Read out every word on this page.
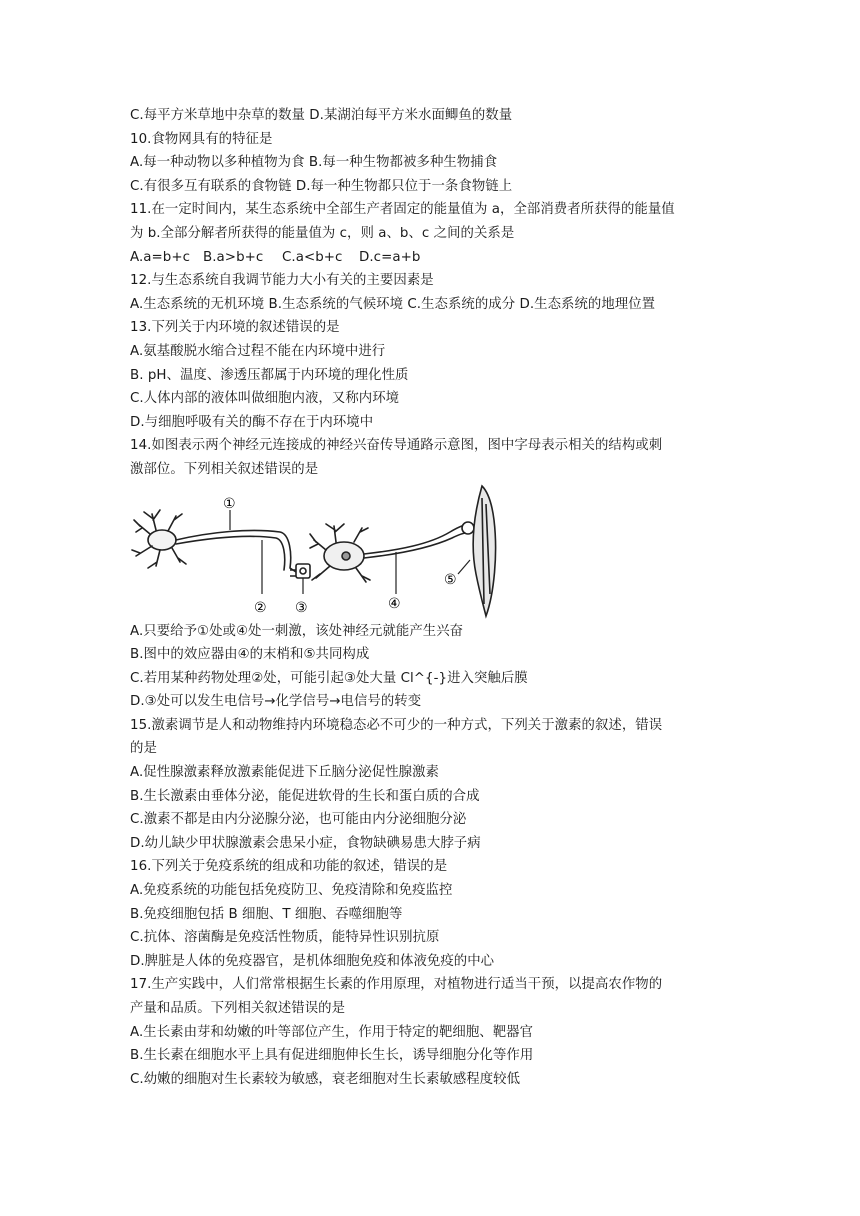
C.每平方米草地中杂草的数量 D.某湖泊每平方米水面鲫鱼的数量
10.食物网具有的特征是
A.每一种动物以多种植物为食 B.每一种生物都被多种生物捕食
C.有很多互有联系的食物链 D.每一种生物都只位于一条食物链上
11.在一定时间内，某生态系统中全部生产者固定的能量值为 a，全部消费者所获得的能量值
为 b.全部分解者所获得的能量值为 c，则 a、b、c 之间的关系是
A.a=b+c B.a>b+c C.a<b+c D.c=a+b
12.与生态系统自我调节能力大小有关的主要因素是
A.生态系统的无机环境 B.生态系统的气候环境 C.生态系统的成分 D.生态系统的地理位置
13.下列关于内环境的叙述错误的是
A.氨基酸脱水缩合过程不能在内环境中进行
B. pH、温度、渗透压都属于内环境的理化性质
C.人体内部的液体叫做细胞内液，又称内环境
D.与细胞呼吸有关的酶不存在于内环境中
14.如图表示两个神经元连接成的神经兴奋传导通路示意图，图中字母表示相关的结构或刺
激部位。下列相关叙述错误的是
①
② ③	④
⑤
A.只要给予①处或④处一刺激，该处神经元就能产生兴奋
B.图中的效应器由④的末梢和⑤共同构成
C.若用某种药物处理②处，可能引起③处大量 Cl^{-}进入突触后膜
D.③处可以发生电信号→化学信号→电信号的转变
15.激素调节是人和动物维持内环境稳态必不可少的一种方式，下列关于激素的叙述，错误
的是
A.促性腺激素释放激素能促进下丘脑分泌促性腺激素
B.生长激素由垂体分泌，能促进软骨的生长和蛋白质的合成
C.激素不都是由内分泌腺分泌，也可能由内分泌细胞分泌
D.幼儿缺少甲状腺激素会患呆小症，食物缺碘易患大脖子病
16.下列关于免疫系统的组成和功能的叙述，错误的是
A.免疫系统的功能包括免疫防卫、免疫清除和免疫监控
B.免疫细胞包括 B 细胞、T 细胞、吞噬细胞等
C.抗体、溶菌酶是免疫活性物质，能特异性识别抗原
D.脾脏是人体的免疫器官，是机体细胞免疫和体液免疫的中心
17.生产实践中，人们常常根据生长素的作用原理，对植物进行适当干预，以提高农作物的
产量和品质。下列相关叙述错误的是
A.生长素由芽和幼嫩的叶等部位产生，作用于特定的靶细胞、靶器官
B.生长素在细胞水平上具有促进细胞伸长生长，诱导细胞分化等作用
C.幼嫩的细胞对生长素较为敏感，衰老细胞对生长素敏感程度较低
